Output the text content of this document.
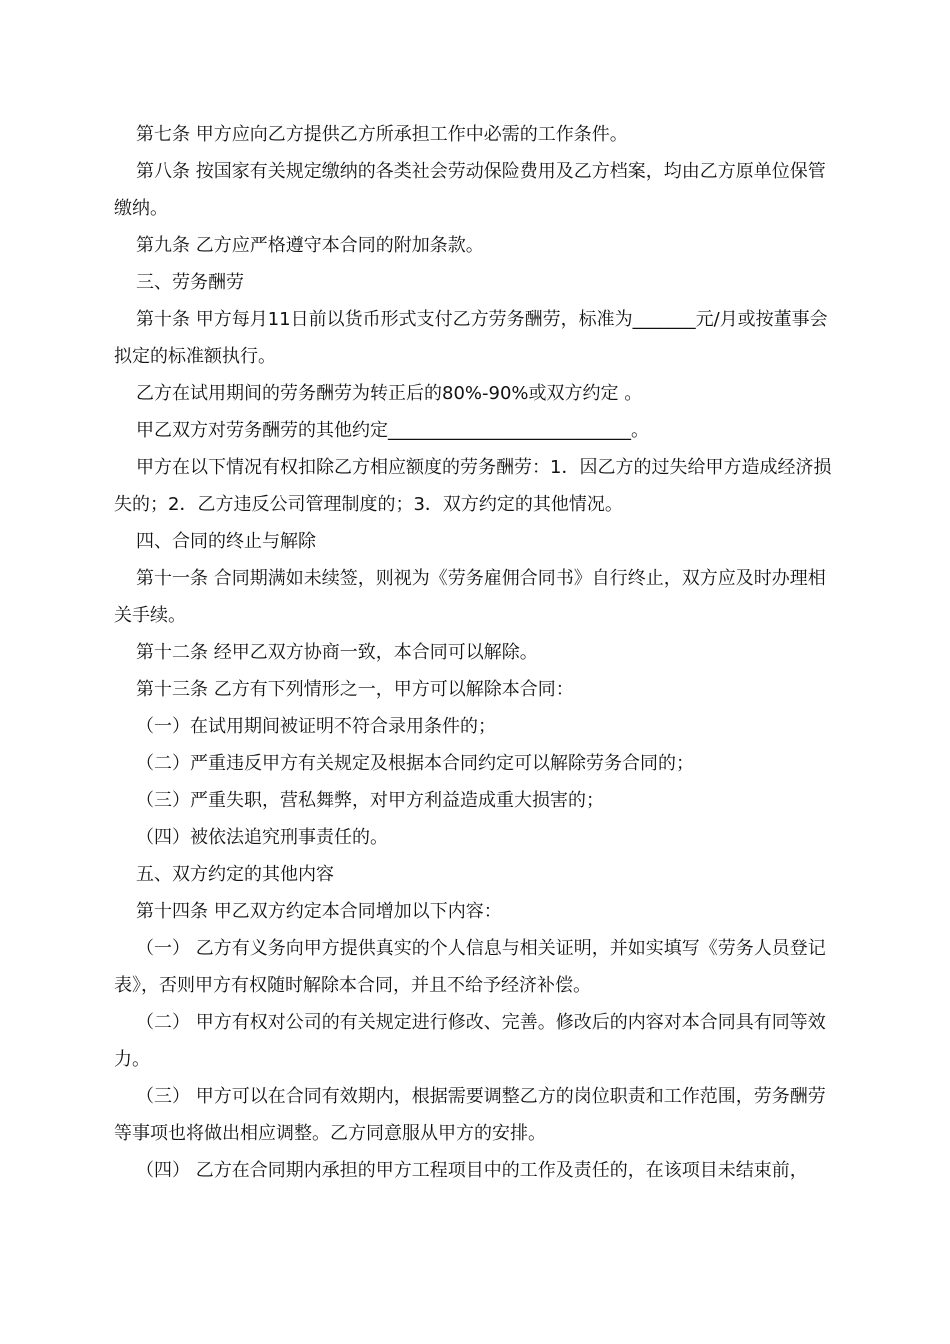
第七条 甲方应向乙方提供乙方所承担工作中必需的工作条件。

第八条 按国家有关规定缴纳的各类社会劳动保险费用及乙方档案，均由乙方原单位保管缴纳。

第九条 乙方应严格遵守本合同的附加条款。

三、劳务酬劳

第十条 甲方每月11日前以货币形式支付乙方劳务酬劳，标准为_______元/月或按董事会拟定的标准额执行。

乙方在试用期间的劳务酬劳为转正后的80%-90%或双方约定 。

甲乙双方对劳务酬劳的其他约定___________________________。

甲方在以下情况有权扣除乙方相应额度的劳务酬劳：1．因乙方的过失给甲方造成经济损失的；2．乙方违反公司管理制度的；3．双方约定的其他情况。

四、合同的终止与解除

第十一条 合同期满如未续签，则视为《劳务雇佣合同书》自行终止，双方应及时办理相关手续。

第十二条 经甲乙双方协商一致，本合同可以解除。

第十三条 乙方有下列情形之一，甲方可以解除本合同：

（一）在试用期间被证明不符合录用条件的；

（二）严重违反甲方有关规定及根据本合同约定可以解除劳务合同的；

（三）严重失职，营私舞弊，对甲方利益造成重大损害的；

（四）被依法追究刑事责任的。

五、双方约定的其他内容

第十四条 甲乙双方约定本合同增加以下内容：

（一） 乙方有义务向甲方提供真实的个人信息与相关证明，并如实填写《劳务人员登记表》，否则甲方有权随时解除本合同，并且不给予经济补偿。

（二） 甲方有权对公司的有关规定进行修改、完善。修改后的内容对本合同具有同等效力。

（三） 甲方可以在合同有效期内，根据需要调整乙方的岗位职责和工作范围，劳务酬劳等事项也将做出相应调整。乙方同意服从甲方的安排。

（四） 乙方在合同期内承担的甲方工程项目中的工作及责任的，在该项目未结束前，
